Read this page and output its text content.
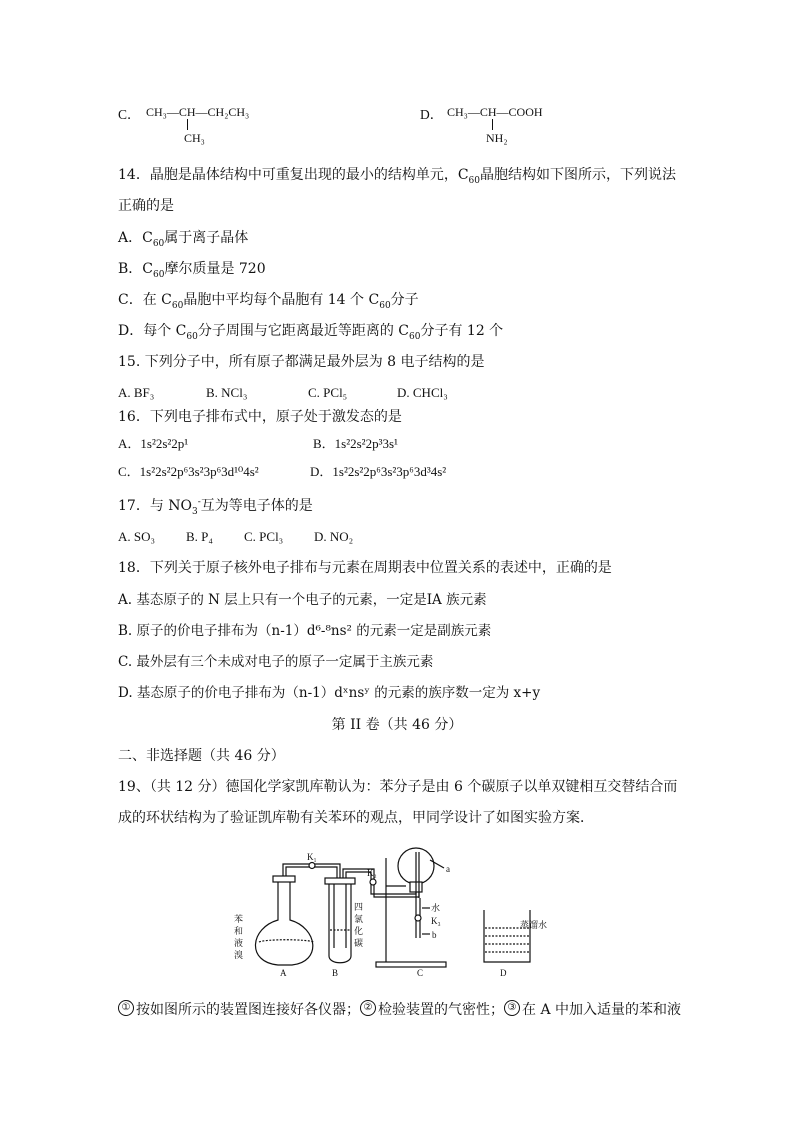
C． CH₃—CH—CH₂CH₃
CH₃
D． CH₃—CH—COOH
NH₂
14．晶胞是晶体结构中可重复出现的最小的结构单元，$C_{60}$晶胞结构如下图所示，下列说法
正确的是
A．$C_{60}$属于离子晶体
B．$C_{60}$摩尔质量是 720
C．在 $C_{60}$晶胞中平均每个晶胞有 14 个 $C_{60}$分子
D．每个 $C_{60}$分子周围与它距离最近等距离的 $C_{60}$分子有 12 个
15. 下列分子中，所有原子都满足最外层为 8 电子结构的是
A. BF₃	B. NCl₃	C. PCl₅	D. CHCl₃
16．下列电子排布式中，原子处于激发态的是
A．1s²2s²2p¹	B．1s²2s²2p³3s¹
C．1s²2s²2p⁶3s²3p⁶3d¹⁰4s²	D．1s²2s²2p⁶3s²3p⁶3d³4s²
17．与 $NO_3^-$互为等电子体的是
A. SO₃ B. P₄ C. PCl₃ D. NO₂
18．下列关于原子核外电子排布与元素在周期表中位置关系的表述中，正确的是
A. 基态原子的 N 层上只有一个电子的元素，一定是ⅠA 族元素
B. 原子的价电子排布为（n-1）d⁶-⁸ns² 的元素一定是副族元素
C. 最外层有三个未成对电子的原子一定属于主族元素
D. 基态原子的价电子排布为（n-1）dˣnsʸ 的元素的族序数一定为 x+y
第 II 卷（共 46 分）
二、非选择题（共 46 分）
19、（共 12 分）德国化学家凯库勒认为：苯分子是由 6 个碳原子以单双键相互交替结合而
成的环状结构为了验证凯库勒有关苯环的观点，甲同学设计了如图实验方案．
K₁
K₂
K₃
a
b
水
苯
和
液
溴
四
氯
化
碳
蒸馏水
A	B	C	D
① 按如图所示的装置图连接好各仪器； ② 检验装置的气密性； ③ 在 A 中加入适量的苯和液
